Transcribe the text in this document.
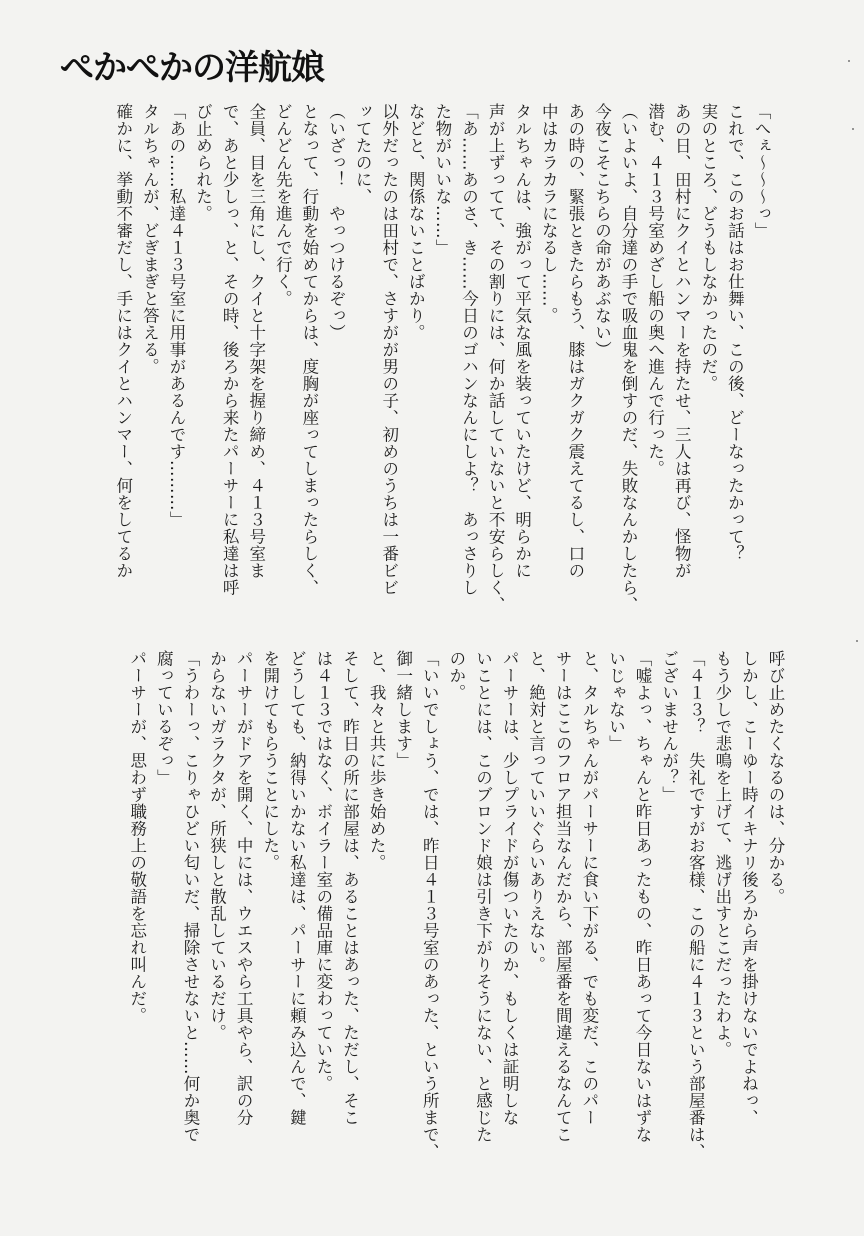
ぺかぺかの洋航娘
「へぇ〜〜〜っ」
これで、このお話はお仕舞い、この後、どーなったかって？
実のところ、どうもしなかったのだ。
あの日、田村にクイとハンマーを持たせ、三人は再び、怪物が
潜む、４１３号室めざし船の奥へ進んで行った。
（いよいよ、自分達の手で吸血鬼を倒すのだ、失敗なんかしたら、
今夜こそこちらの命があぶない）
あの時の、緊張ときたらもう、膝はガクガク震えてるし、口の
中はカラカラになるし……。
タルちゃんは、強がって平気な風を装っていたけど、明らかに
声が上ずってて、その割りには、何か話していないと不安らしく、
「あ……あのさ、き……今日のゴハンなんにしよ？　あっさりし
た物がいいな……」
などと、関係ないことばかり。
以外だったのは田村で、さすがが男の子、初めのうちは一番ビビ
ッてたのに、
（いざっ！　やっつけるぞっ）
となって、行動を始めてからは、度胸が座ってしまったらしく、
どんどん先を進んで行く。
全員、目を三角にし、クイと十字架を握り締め、４１３号室ま
で、あと少しっ、と、その時、後ろから来たパーサーに私達は呼
び止められた。
「あの……私達４１３号室に用事があるんです………」
タルちゃんが、どぎまぎと答える。
確かに、挙動不審だし、手にはクイとハンマー、何をしてるか
呼び止めたくなるのは、分かる。
しかし、こーゆー時イキナリ後ろから声を掛けないでよねっ、
もう少しで悲鳴を上げて、逃げ出すとこだったわよ。
「４１３？　失礼ですがお客様、この船に４１３という部屋番は、
ございませんが？」
「嘘よっ、ちゃんと昨日あったもの、昨日あって今日ないはずな
いじゃない」
と、タルちゃんがパーサーに食い下がる、でも変だ、このパー
サーはここのフロア担当なんだから、部屋番を間違えるなんてこ
と、絶対と言っていいぐらいありえない。
パーサーは、少しプライドが傷ついたのか、もしくは証明しな
いことには、このブロンド娘は引き下がりそうにない、と感じた
のか。
「いいでしょう、では、昨日４１３号室のあった、という所まで、
御一緒します」
と、我々と共に歩き始めた。
そして、昨日の所に部屋は、あることはあった、ただし、そこ
は４１３ではなく、ボイラー室の備品庫に変わっていた。
どうしても、納得いかない私達は、パーサーに頼み込んで、鍵
を開けてもらうことにした。
パーサーがドアを開く、中には、ウエスやら工具やら、訳の分
からないガラクタが、所狭しと散乱しているだけ。
「うわーっ、こりゃひどい匂いだ、掃除させないと……何か奥で
腐っているぞっ」
パーサーが、思わず職務上の敬語を忘れ叫んだ。
